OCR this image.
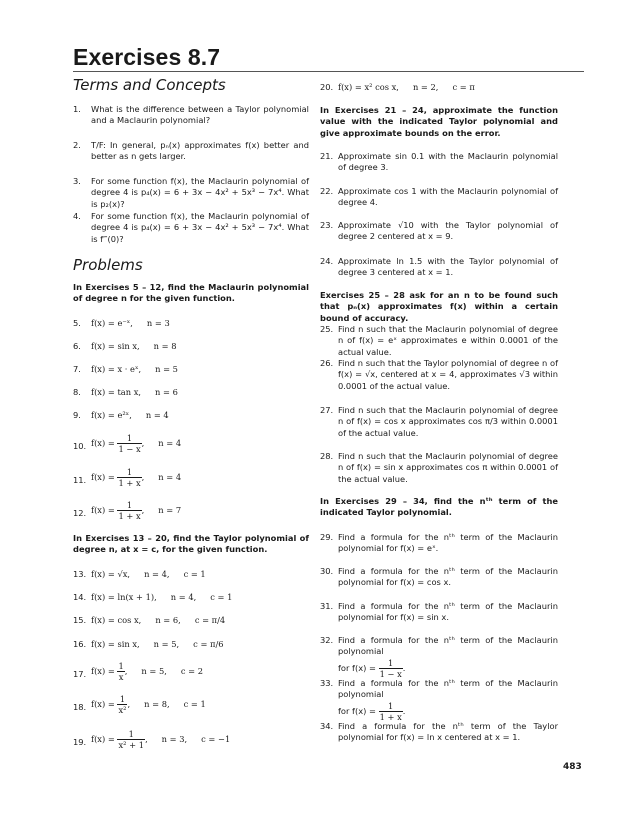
Exercises 8.7
Terms and Concepts
1.	What is the difference between a Taylor polynomial and a Maclaurin polynomial?
2.	T/F: In general, pₙ(x) approximates f(x) better and better as n gets larger.
3.	For some function f(x), the Maclaurin polynomial of degree 4 is p₄(x) = 6 + 3x − 4x² + 5x³ − 7x⁴. What is p₂(x)?
4.	For some function f(x), the Maclaurin polynomial of degree 4 is p₄(x) = 6 + 3x − 4x² + 5x³ − 7x⁴. What is f‴(0)?
Problems
In Exercises 5 – 12, find the Maclaurin polynomial of degree n for the given function.
5.	f(x) = e⁻ˣ, n = 3
6.	f(x) = sin x, n = 8
7.	f(x) = x · eˣ, n = 5
8.	f(x) = tan x, n = 6
9.	f(x) = e²ˣ, n = 4
10. $f(x) = \frac{1}{1 - x}$ , n = 4
11. $f(x) = \frac{1}{1 + x}$ , n = 4
12. $f(x) = \frac{1}{1 + x}$ , n = 7
In Exercises 13 – 20, find the Taylor polynomial of degree n, at x = c, for the given function.
13. f(x) = √x, n = 4, c = 1
14. f(x) = ln(x + 1), n = 4, c = 1
15. f(x) = cos x, n = 6, c = π/4
16. f(x) = sin x, n = 5, c = π/6
17. $f(x) = \frac{1}{x}$ , n = 5, c = 2
18. $f(x) = \frac{1}{\text{x²}}$ , n = 8, c = 1
19. $f(x) = \frac{1}{\text{x² + 1}}$ , n = 3, c = −1
20. f(x) = x² cos x, n = 2, c = π
In Exercises 21 – 24, approximate the function value with the indicated Taylor polynomial and give approximate bounds on the error.
21. Approximate sin 0.1 with the Maclaurin polynomial of degree 3.
22. Approximate cos 1 with the Maclaurin polynomial of degree 4.
23. Approximate √10 with the Taylor polynomial of degree 2 centered at x = 9.
24. Approximate ln 1.5 with the Taylor polynomial of degree 3 centered at x = 1.
Exercises 25 – 28 ask for an n to be found such that pₙ(x) approximates f(x) within a certain bound of accuracy.
25. Find n such that the Maclaurin polynomial of degree n of f(x) = eˣ approximates e within 0.0001 of the actual value.
26. Find n such that the Taylor polynomial of degree n of f(x) = √x, centered at x = 4, approximates √3 within 0.0001 of the actual value.
27. Find n such that the Maclaurin polynomial of degree n of f(x) = cos x approximates cos π/3 within 0.0001 of the actual value.
28. Find n such that the Maclaurin polynomial of degree n of f(x) = sin x approximates cos π within 0.0001 of the actual value.
In Exercises 29 – 34, find the nᵗʰ term of the indicated Taylor polynomial.
29. Find a formula for the nᵗʰ term of the Maclaurin polynomial for f(x) = eˣ.
30. Find a formula for the nᵗʰ term of the Maclaurin polynomial for f(x) = cos x.
31. Find a formula for the nᵗʰ term of the Maclaurin polynomial for f(x) = sin x.
32. Find a formula for the nᵗʰ term of the Maclaurin polynomial
for $f(x) = \frac{1}{1 - x}$ .
33. Find a formula for the nᵗʰ term of the Maclaurin polynomial
for $f(x) = \frac{1}{1 + x}$ .
34. Find a formula for the nᵗʰ term of the Taylor polynomial for f(x) = ln x centered at x = 1.

483
